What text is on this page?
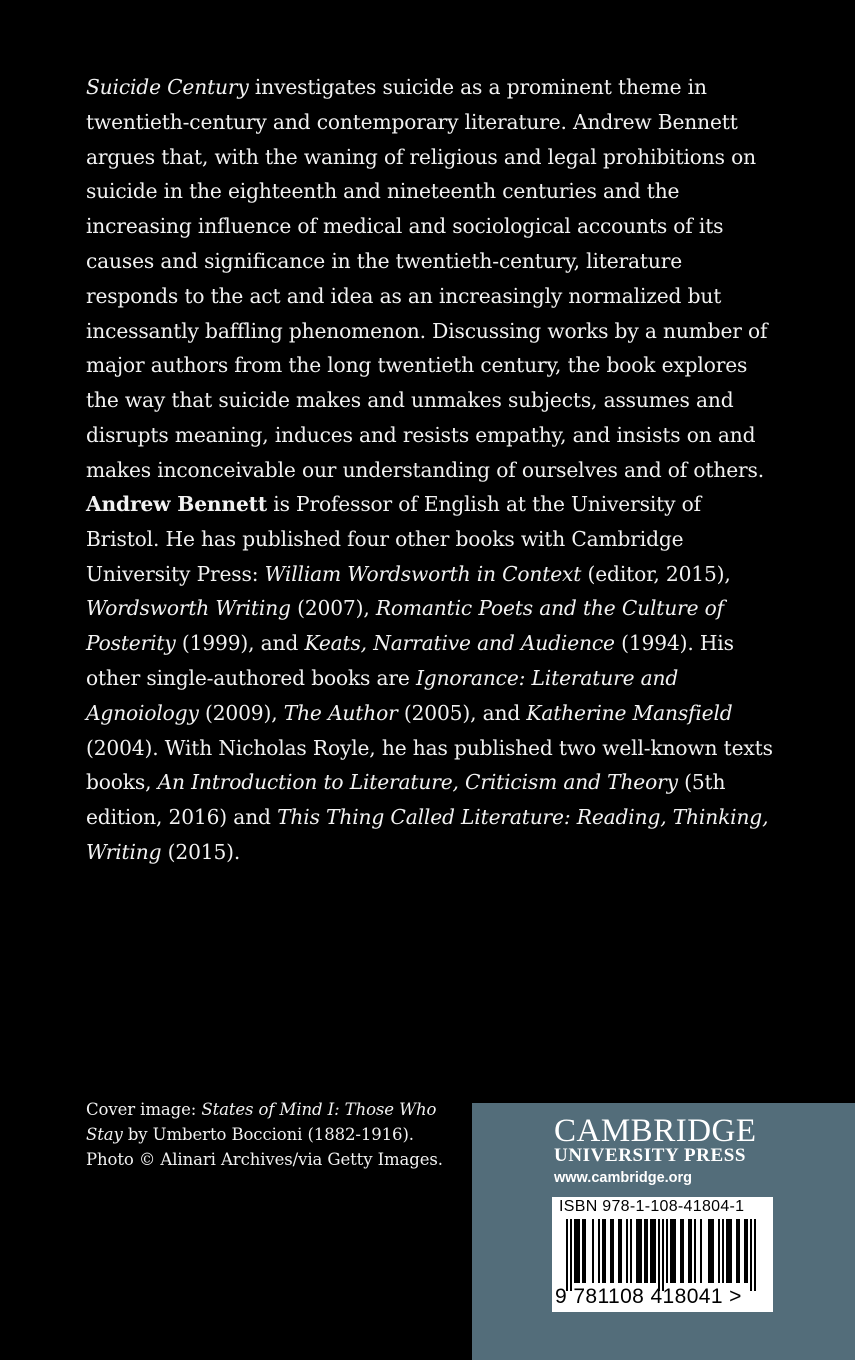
Suicide Century investigates suicide as a prominent theme in twentieth-century and contemporary literature. Andrew Bennett argues that, with the waning of religious and legal prohibitions on suicide in the eighteenth and nineteenth centuries and the increasing influence of medical and sociological accounts of its causes and significance in the twentieth-century, literature responds to the act and idea as an increasingly normalized but incessantly baffling phenomenon. Discussing works by a number of major authors from the long twentieth century, the book explores the way that suicide makes and unmakes subjects, assumes and disrupts meaning, induces and resists empathy, and insists on and makes inconceivable our understanding of ourselves and of others.

Andrew Bennett is Professor of English at the University of Bristol. He has published four other books with Cambridge University Press: William Wordsworth in Context (editor, 2015), Wordsworth Writing (2007), Romantic Poets and the Culture of Posterity (1999), and Keats, Narrative and Audience (1994). His other single-authored books are Ignorance: Literature and Agnoiology (2009), The Author (2005), and Katherine Mansfield (2004). With Nicholas Royle, he has published two well-known texts books, An Introduction to Literature, Criticism and Theory (5th edition, 2016) and This Thing Called Literature: Reading, Thinking, Writing (2015).

Cover image: States of Mind I: Those Who Stay by Umberto Boccioni (1882-1916). Photo © Alinari Archives/via Getty Images.

CAMBRIDGE
UNIVERSITY PRESS
www.cambridge.org
ISBN 978-1-108-41804-1
9 781108 418041 >
